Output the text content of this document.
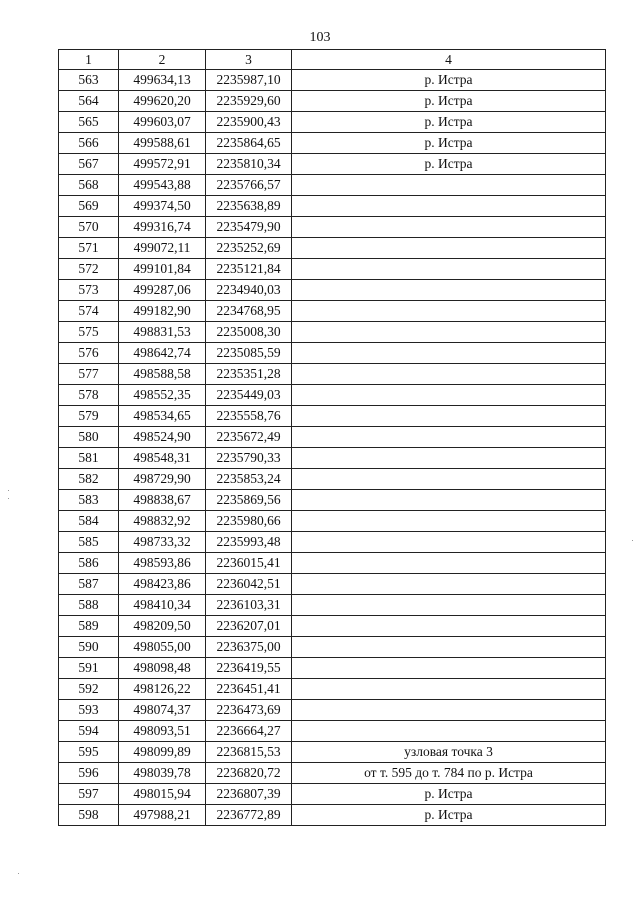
103
1	2	3	4
563	499634,13	2235987,10	р. Истра
564	499620,20	2235929,60	р. Истра
565	499603,07	2235900,43	р. Истра
566	499588,61	2235864,65	р. Истра
567	499572,91	2235810,34	р. Истра
568	499543,88	2235766,57	
569	499374,50	2235638,89	
570	499316,74	2235479,90	
571	499072,11	2235252,69	
572	499101,84	2235121,84	
573	499287,06	2234940,03	
574	499182,90	2234768,95	
575	498831,53	2235008,30	
576	498642,74	2235085,59	
577	498588,58	2235351,28	
578	498552,35	2235449,03	
579	498534,65	2235558,76	
580	498524,90	2235672,49	
581	498548,31	2235790,33	
582	498729,90	2235853,24	
583	498838,67	2235869,56	
584	498832,92	2235980,66	
585	498733,32	2235993,48	
586	498593,86	2236015,41	
587	498423,86	2236042,51	
588	498410,34	2236103,31	
589	498209,50	2236207,01	
590	498055,00	2236375,00	
591	498098,48	2236419,55	
592	498126,22	2236451,41	
593	498074,37	2236473,69	
594	498093,51	2236664,27	
595	498099,89	2236815,53	узловая точка 3
596	498039,78	2236820,72	от т. 595 до т. 784 по р. Истра
597	498015,94	2236807,39	р. Истра
598	497988,21	2236772,89	р. Истра
